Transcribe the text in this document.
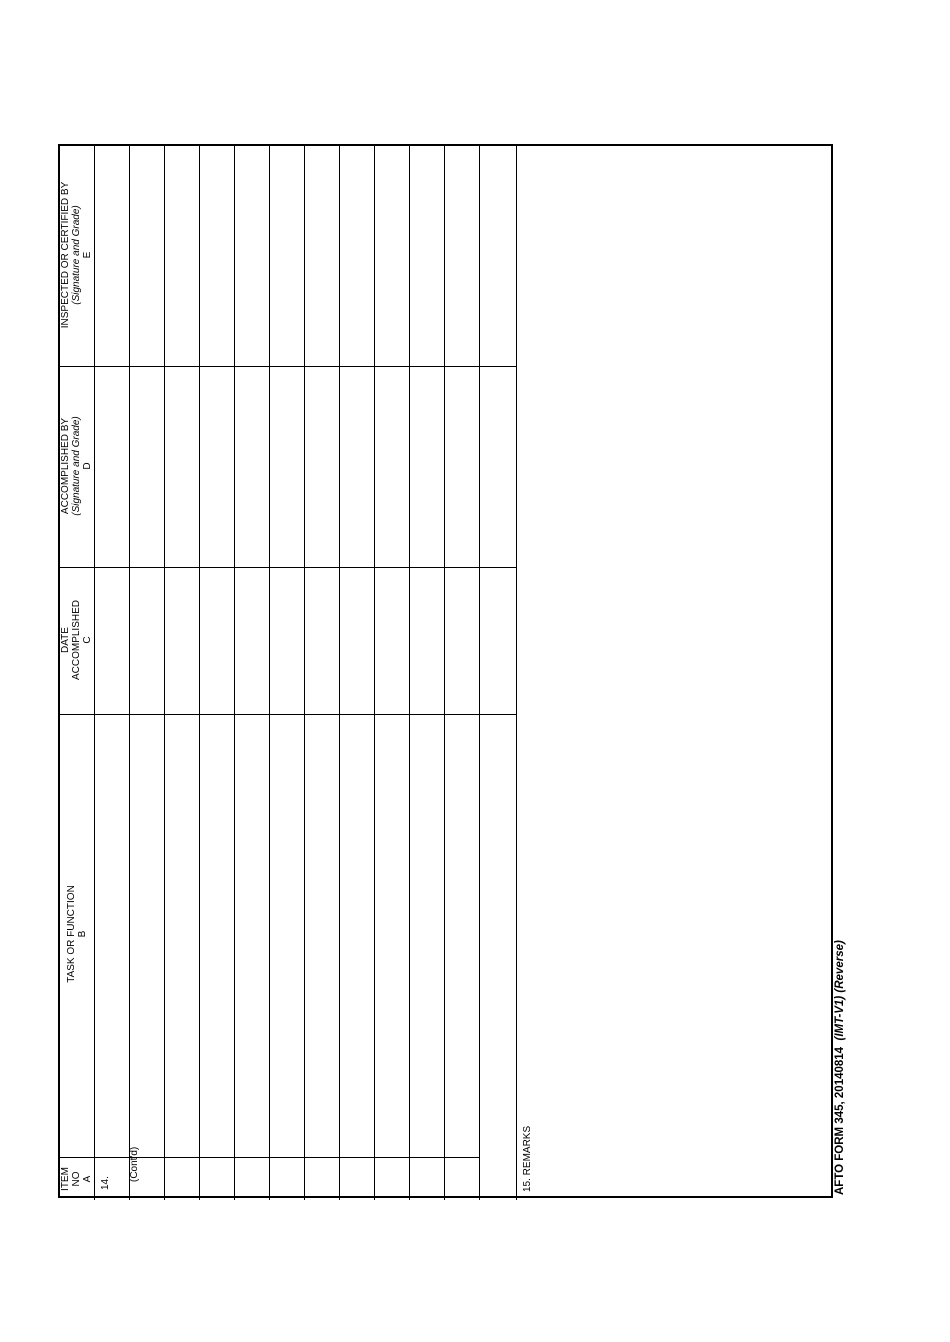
INSPECTED OR CERTIFIED BY (Signature and Grade) E
ACCOMPLISHED BY (Signature and Grade) D
DATE ACCOMPLISHED C
TASK OR FUNCTION B
ITEM NO A 14.
(Cont'd)	15. REMARKS	AFTO FORM 345, 20140814  (IMT-V1) (Reverse)
